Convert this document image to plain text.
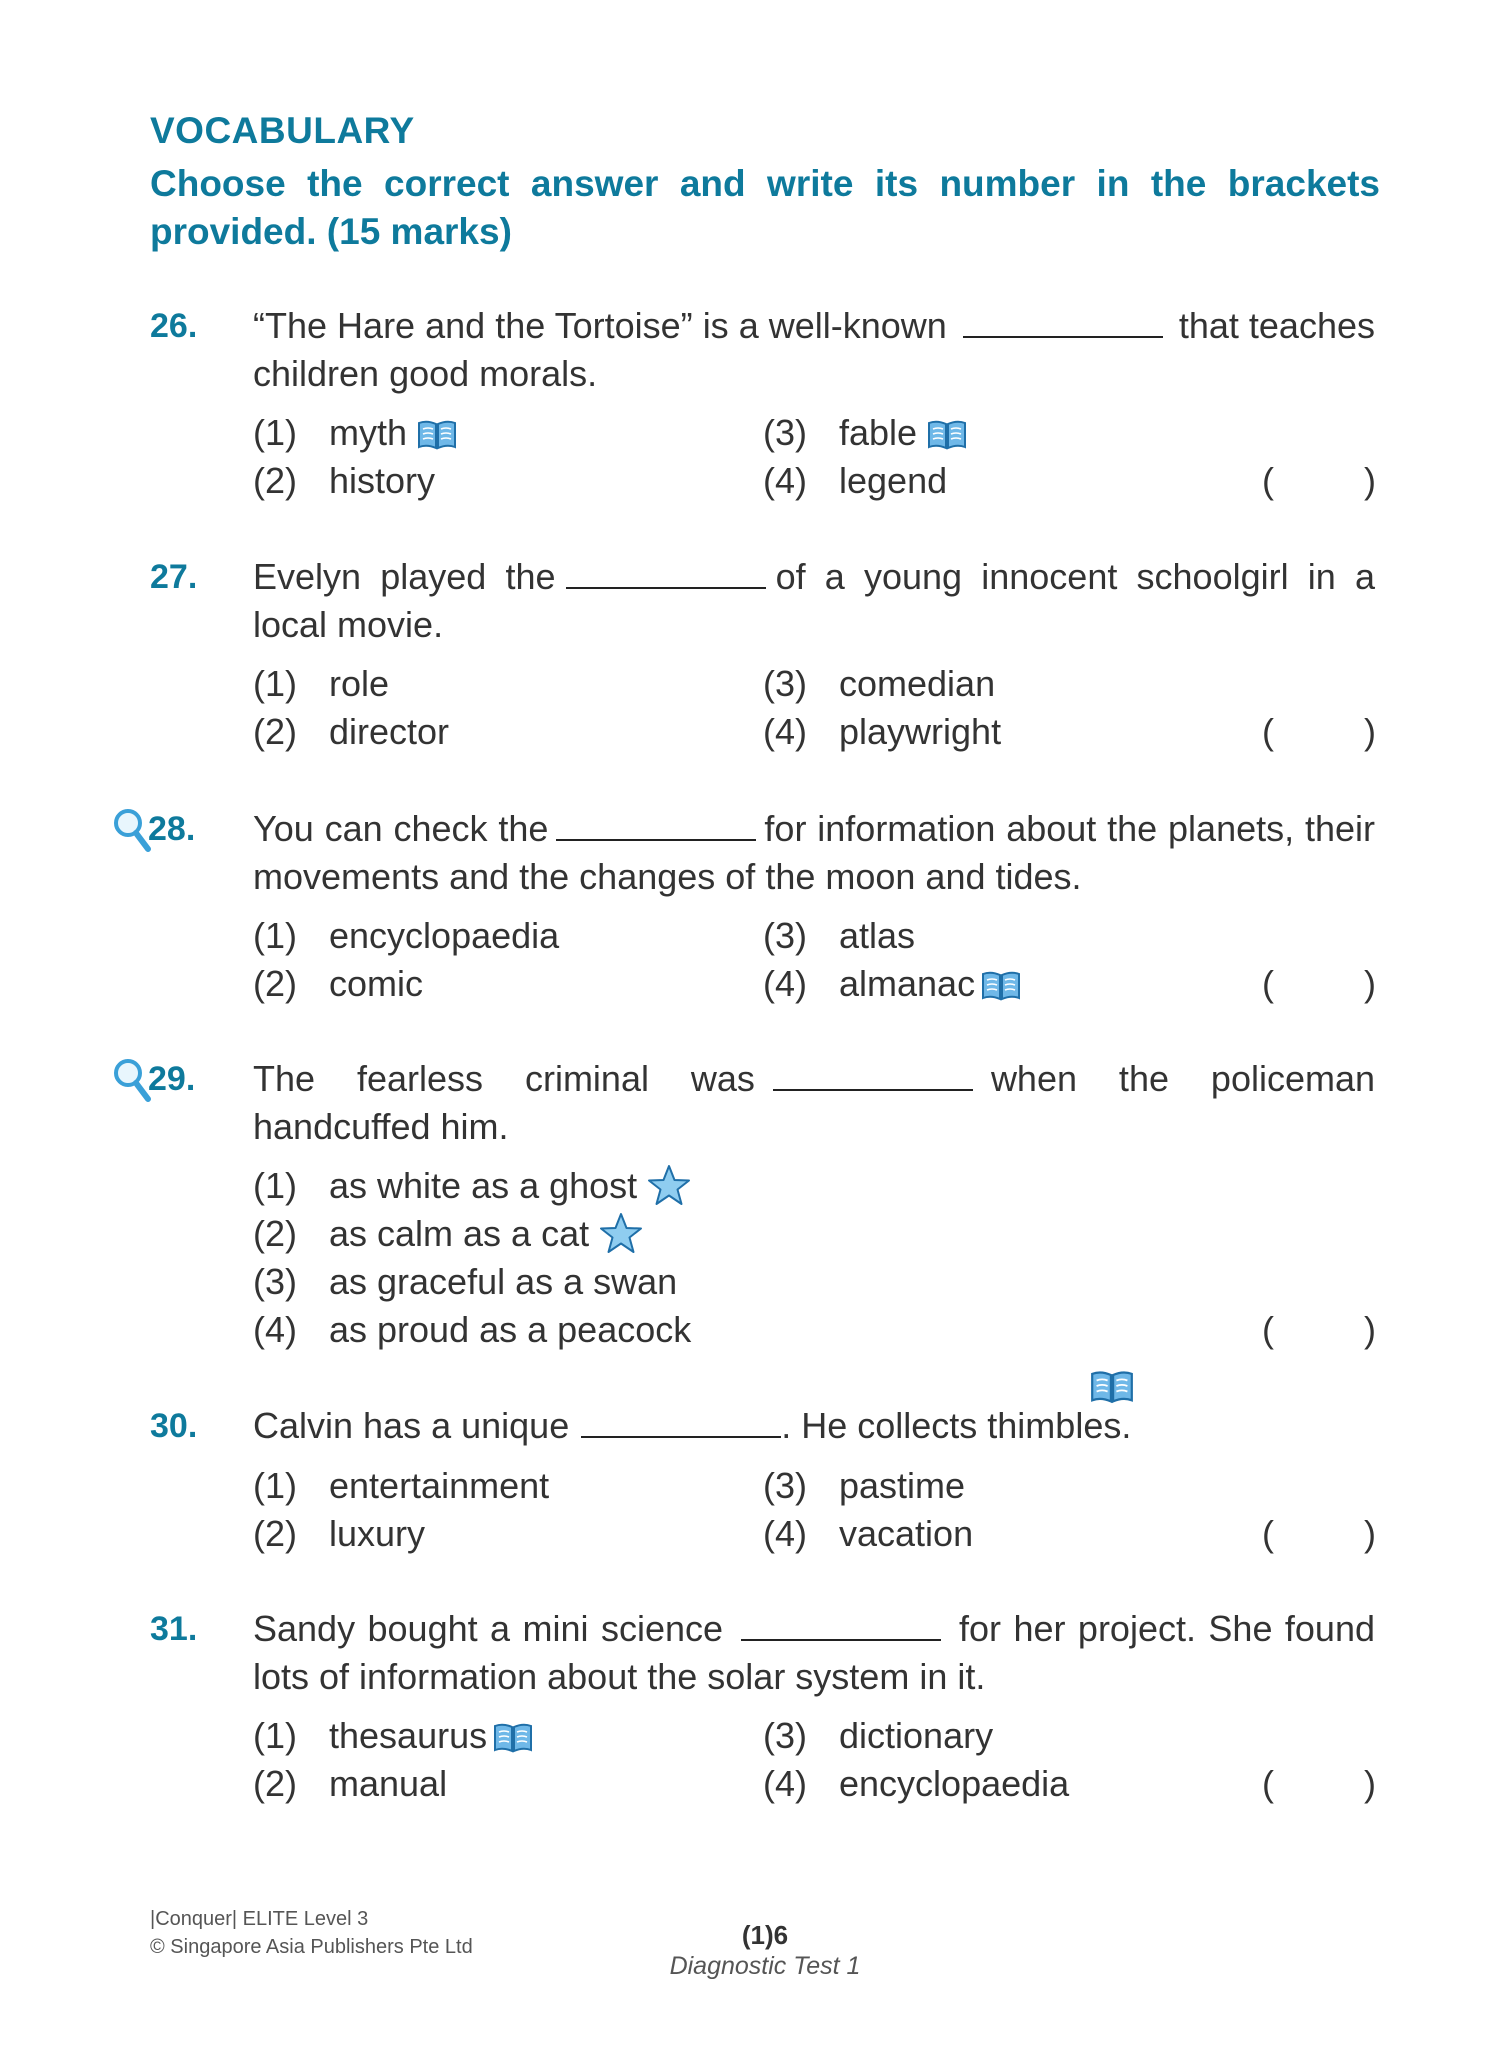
VOCABULARY
Choose the correct answer and write its number in the brackets provided. (15 marks)
26. “The Hare and the Tortoise” is a well-known	that teaches children good morals.
(1) myth
(2) history
(3) fable
(4) legend	(	)
27. Evelyn played the	of a young innocent schoolgirl in a local movie.
(1) role
(2) director
(3) comedian
(4) playwright	(	)
28. You can check the	for information about the planets, their movements and the changes of the moon and tides.
(1) encyclopaedia
(2) comic
(3) atlas
(4) almanac	(	)
29. The fearless criminal was	when the policeman handcuffed him.
(1) as white as a ghost
(2) as calm as a cat
(3) as graceful as a swan
(4) as proud as a peacock	(	)
30. Calvin has a unique	. He collects thimbles.
(1) entertainment
(2) luxury
(3) pastime
(4) vacation	(	)
31. Sandy bought a mini science	for her project. She found lots of information about the solar system in it.
(1) thesaurus
(2) manual
(3) dictionary
(4) encyclopaedia	(	)
|Conquer| ELITE Level 3
© Singapore Asia Publishers Pte Ltd	(1)6
Diagnostic Test 1
